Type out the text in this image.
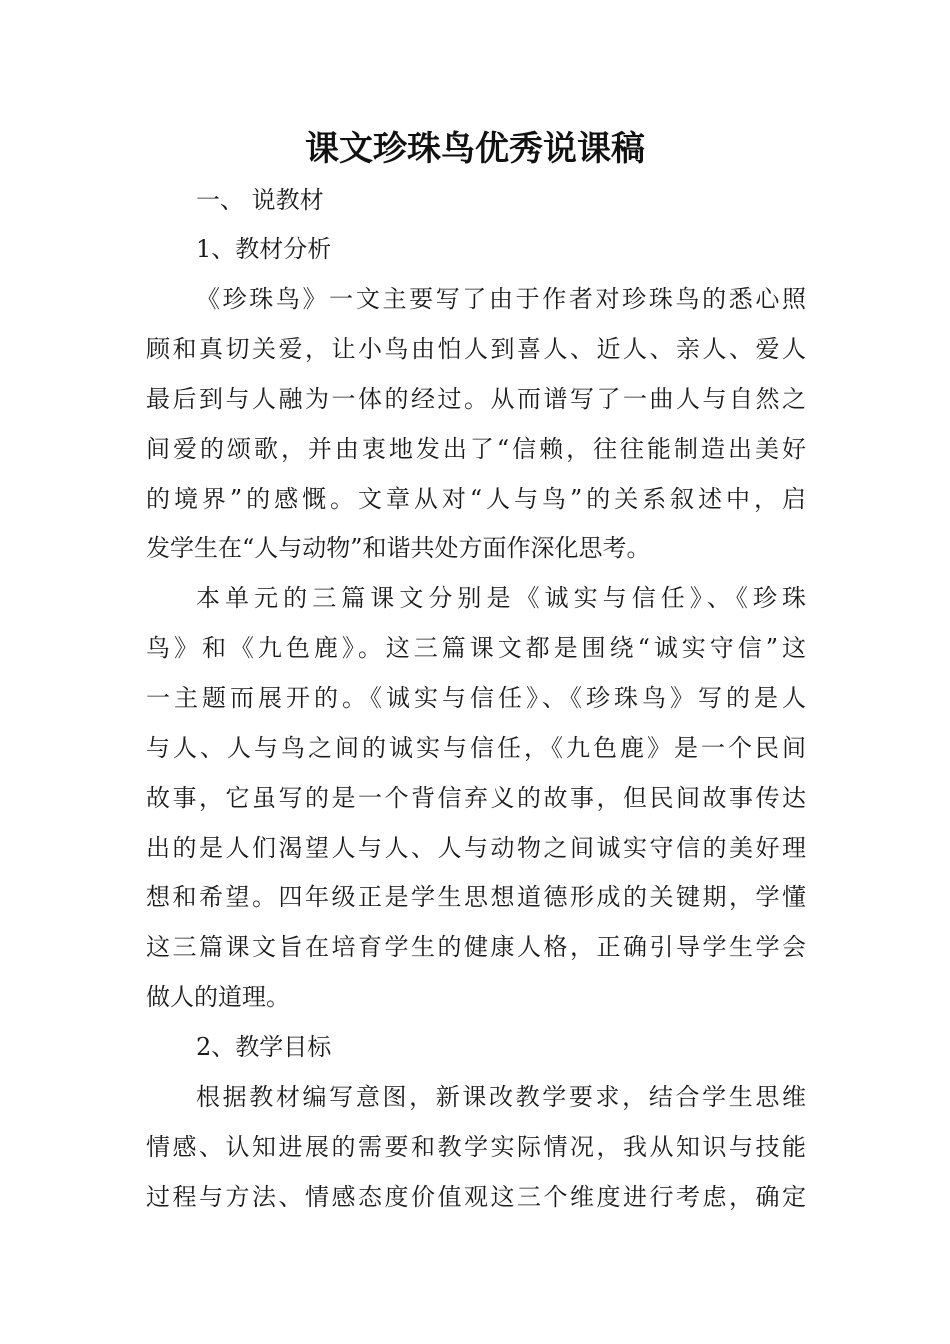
课文珍珠鸟优秀说课稿
一、 说教材
1、教材分析
《珍珠鸟》一文主要写了由于作者对珍珠鸟的悉心照
顾和真切关爱，让小鸟由怕人到喜人、近人、亲人、爱人
最后到与人融为一体的经过。从而谱写了一曲人与自然之
间爱的颂歌，并由衷地发出了“信赖，往往能制造出美好
的境界”的感慨。文章从对“人与鸟”的关系叙述中，启
发学生在“人与动物”和谐共处方面作深化思考。
本单元的三篇课文分别是《诚实与信任》、《珍珠
鸟》和《九色鹿》。这三篇课文都是围绕“诚实守信”这
一主题而展开的。《诚实与信任》、《珍珠鸟》写的是人
与人、人与鸟之间的诚实与信任，《九色鹿》是一个民间
故事，它虽写的是一个背信弃义的故事，但民间故事传达
出的是人们渴望人与人、人与动物之间诚实守信的美好理
想和希望。四年级正是学生思想道德形成的关键期，学懂
这三篇课文旨在培育学生的健康人格，正确引导学生学会
做人的道理。
2、教学目标
根据教材编写意图，新课改教学要求，结合学生思维
情感、认知进展的需要和教学实际情况，我从知识与技能
过程与方法、情感态度价值观这三个维度进行考虑，确定
